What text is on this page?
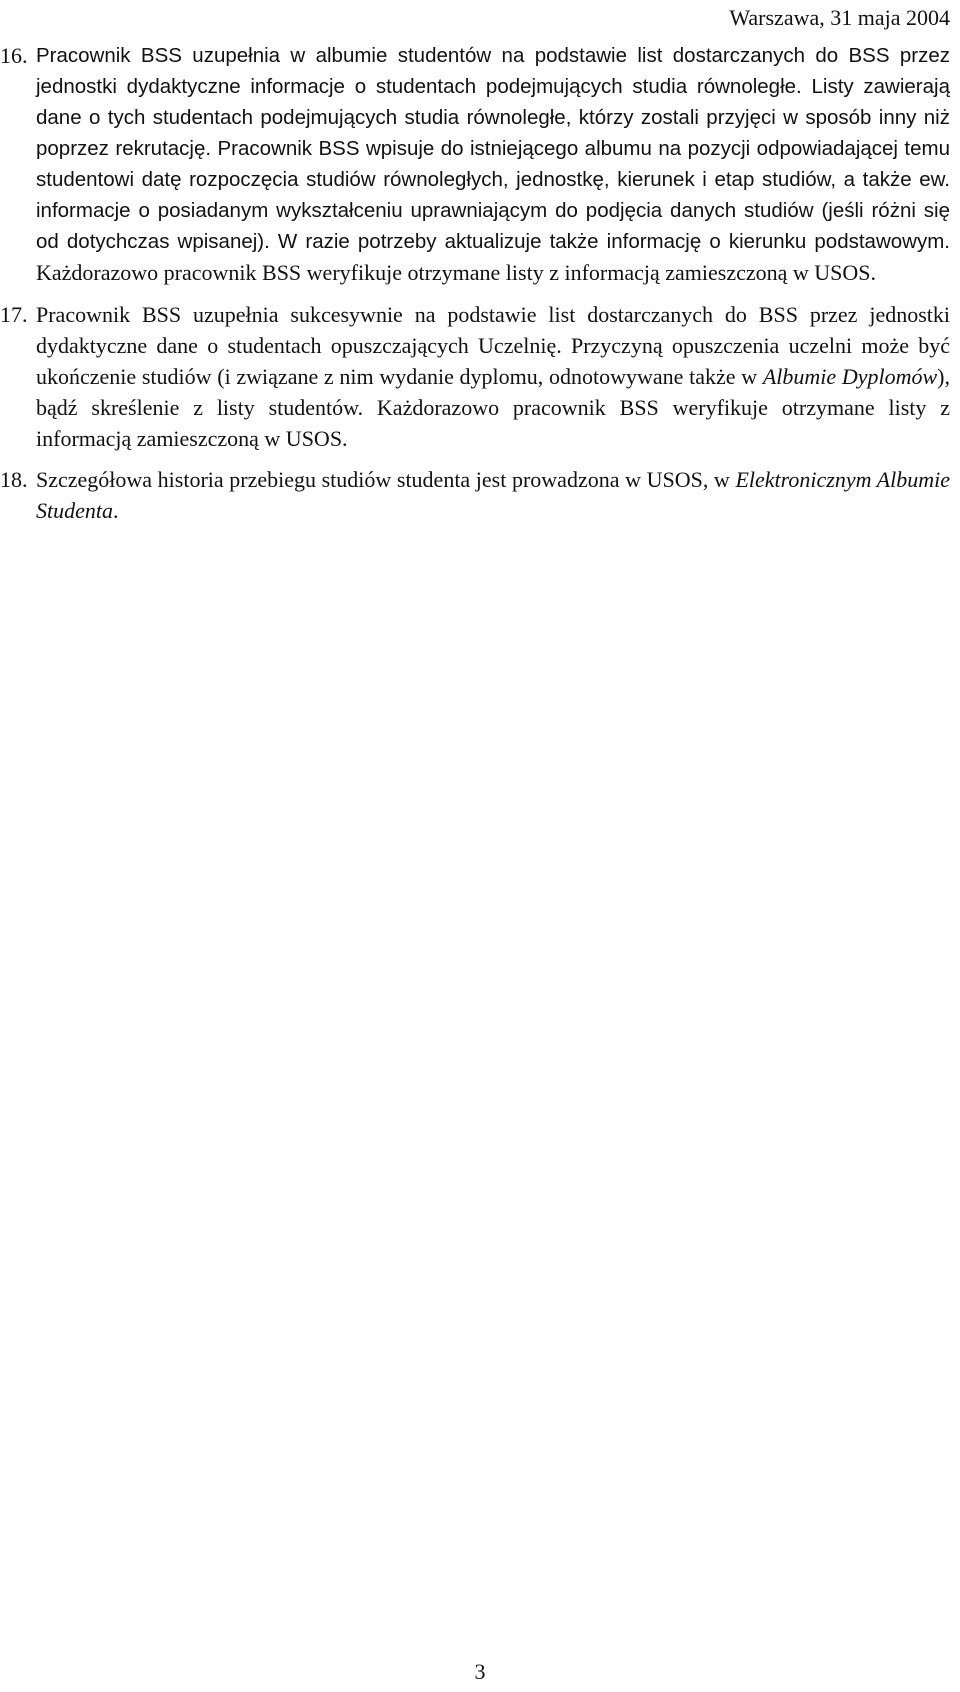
Warszawa, 31 maja 2004
16. Pracownik BSS uzupełnia w albumie studentów na podstawie list dostarczanych do BSS przez jednostki dydaktyczne informacje o studentach podejmujących studia równoległe. Listy zawierają dane o tych studentach podejmujących studia równoległe, którzy zostali przyjęci w sposób inny niż poprzez rekrutację. Pracownik BSS wpisuje do istniejącego albumu na pozycji odpowiadającej temu studentowi datę rozpoczęcia studiów równoległych, jednostkę, kierunek i etap studiów, a także ew. informacje o posiadanym wykształceniu uprawniającym do podjęcia danych studiów (jeśli różni się od dotychczas wpisanej). W razie potrzeby aktualizuje także informację o kierunku podstawowym. Każdorazowo pracownik BSS weryfikuje otrzymane listy z informacją zamieszczoną w USOS.
17. Pracownik BSS uzupełnia sukcesywnie na podstawie list dostarczanych do BSS przez jednostki dydaktyczne dane o studentach opuszczających Uczelnię. Przyczyną opuszczenia uczelni może być ukończenie studiów (i związane z nim wydanie dyplomu, odnotowywane także w Albumie Dyplomów), bądź skreślenie z listy studentów. Każdorazowo pracownik BSS weryfikuje otrzymane listy z informacją zamieszczoną w USOS.
18. Szczegółowa historia przebiegu studiów studenta jest prowadzona w USOS, w Elektronicznym Albumie Studenta.
3
